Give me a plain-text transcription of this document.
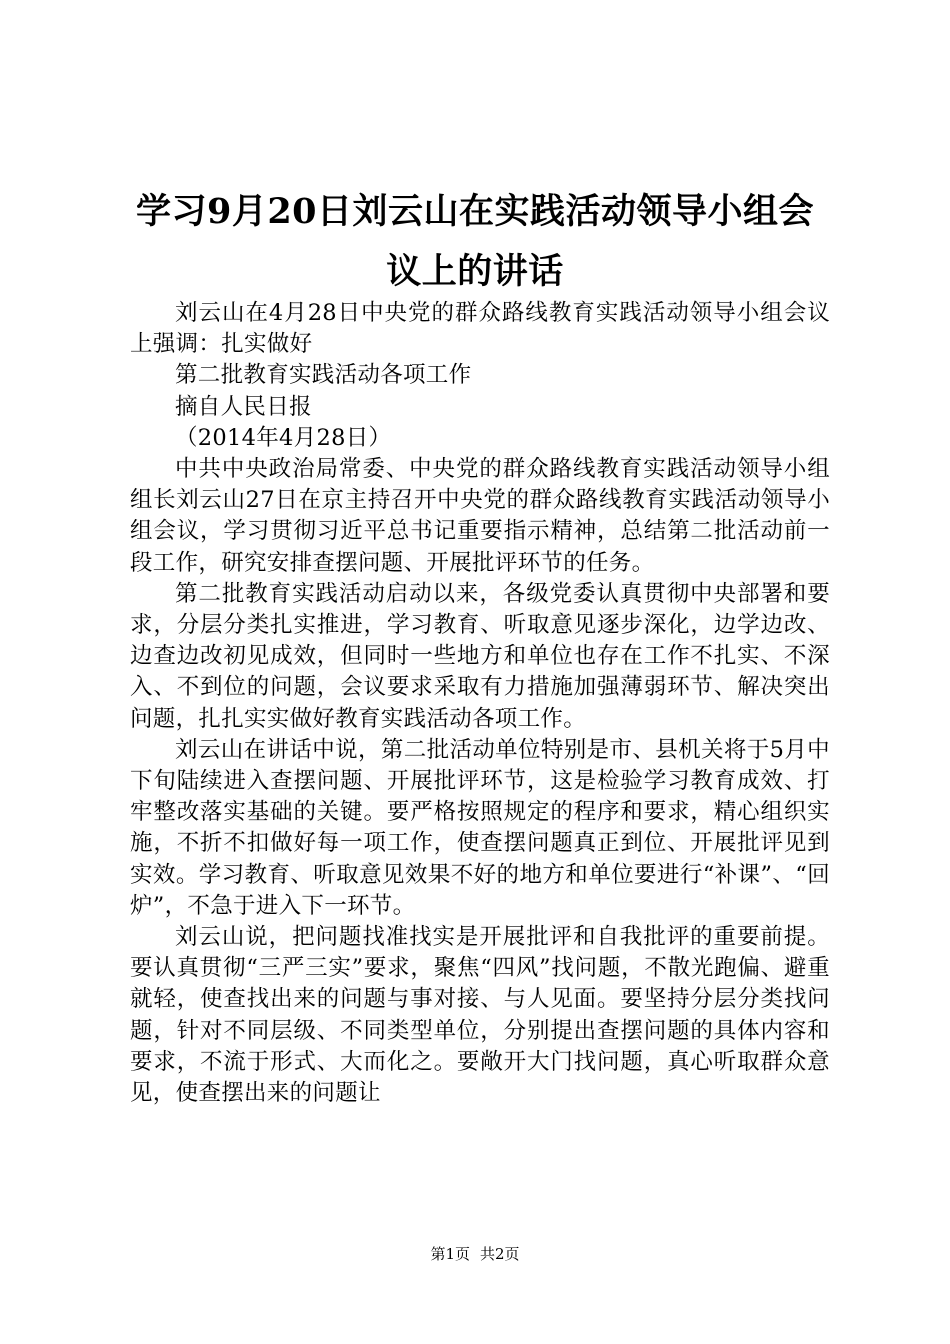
学习9月20日刘云山在实践活动领导小组会议上的讲话

刘云山在4月28日中央党的群众路线教育实践活动领导小组会议上强调：扎实做好

第二批教育实践活动各项工作

摘自人民日报

（2014年4月28日）

中共中央政治局常委、中央党的群众路线教育实践活动领导小组组长刘云山27日在京主持召开中央党的群众路线教育实践活动领导小组会议，学习贯彻习近平总书记重要指示精神，总结第二批活动前一段工作，研究安排查摆问题、开展批评环节的任务。

第二批教育实践活动启动以来，各级党委认真贯彻中央部署和要求，分层分类扎实推进，学习教育、听取意见逐步深化，边学边改、边查边改初见成效，但同时一些地方和单位也存在工作不扎实、不深入、不到位的问题，会议要求采取有力措施加强薄弱环节、解决突出问题，扎扎实实做好教育实践活动各项工作。

刘云山在讲话中说，第二批活动单位特别是市、县机关将于5月中下旬陆续进入查摆问题、开展批评环节，这是检验学习教育成效、打牢整改落实基础的关键。要严格按照规定的程序和要求，精心组织实施，不折不扣做好每一项工作，使查摆问题真正到位、开展批评见到实效。学习教育、听取意见效果不好的地方和单位要进行“补课”、“回炉”，不急于进入下一环节。

刘云山说，把问题找准找实是开展批评和自我批评的重要前提。要认真贯彻“三严三实”要求，聚焦“四风”找问题，不散光跑偏、避重就轻，使查找出来的问题与事对接、与人见面。要坚持分层分类找问题，针对不同层级、不同类型单位，分别提出查摆问题的具体内容和要求，不流于形式、大而化之。要敞开大门找问题，真心听取群众意见，使查摆出来的问题让

第1页 共2页
